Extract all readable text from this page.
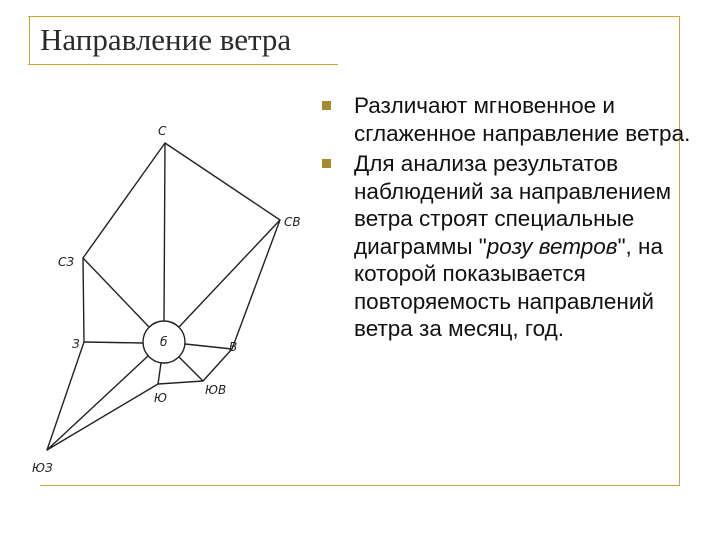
Направление ветра
С
СВ
В
ЮВ
Ю
ЮЗ
З
СЗ
б
Различают мгновенное и сглаженное направление ветра.
Для анализа результатов наблюдений за направлением ветра строят специальные диаграммы "розу ветров", на которой показывается повторяемость направлений ветра за месяц, год.
